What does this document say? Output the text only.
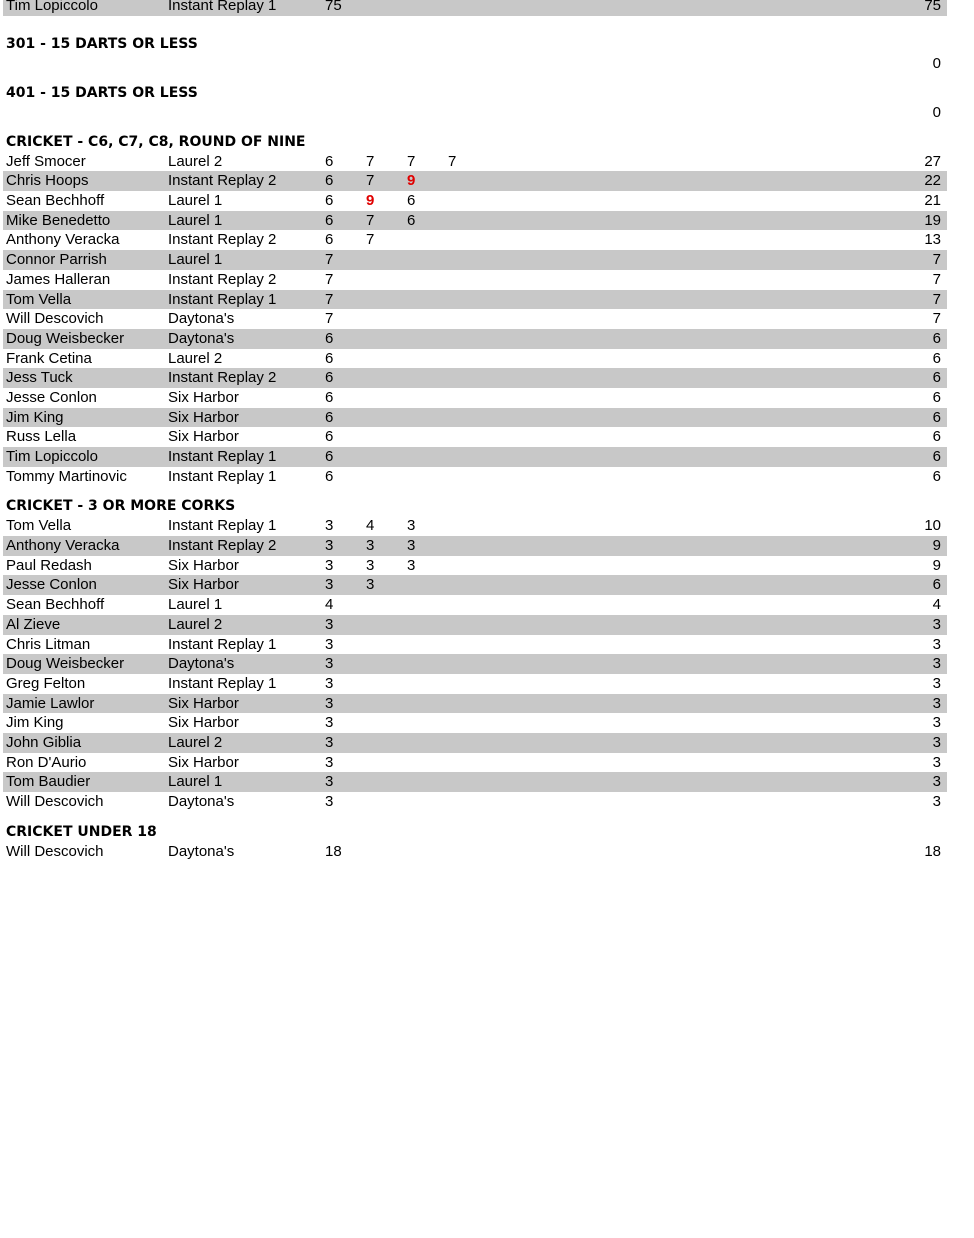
Tim Lopiccolo	Instant Replay 1	75	75
301 - 15 DARTS OR LESS
0
401 - 15 DARTS OR LESS
0
CRICKET - C6, C7, C8, ROUND OF NINE
Jeff Smocer	Laurel 2	6 7 7 7	27
Chris Hoops	Instant Replay 2	6 7 9	22
Sean Bechhoff	Laurel 1	6 9 6	21
Mike Benedetto	Laurel 1	6 7 6	19
Anthony Veracka	Instant Replay 2	6 7	13
Connor Parrish	Laurel 1	7	7
James Halleran	Instant Replay 2	7	7
Tom Vella	Instant Replay 1	7	7
Will Descovich	Daytona's	7	7
Doug Weisbecker	Daytona's	6	6
Frank Cetina	Laurel 2	6	6
Jess Tuck	Instant Replay 2	6	6
Jesse Conlon	Six Harbor	6	6
Jim King	Six Harbor	6	6
Russ Lella	Six Harbor	6	6
Tim Lopiccolo	Instant Replay 1	6	6
Tommy Martinovic	Instant Replay 1	6	6
CRICKET - 3 OR MORE CORKS
Tom Vella	Instant Replay 1	3 4 3	10
Anthony Veracka	Instant Replay 2	3 3 3	9
Paul Redash	Six Harbor	3 3 3	9
Jesse Conlon	Six Harbor	3 3	6
Sean Bechhoff	Laurel 1	4	4
Al Zieve	Laurel 2	3	3
Chris Litman	Instant Replay 1	3	3
Doug Weisbecker	Daytona's	3	3
Greg Felton	Instant Replay 1	3	3
Jamie Lawlor	Six Harbor	3	3
Jim King	Six Harbor	3	3
John Giblia	Laurel 2	3	3
Ron D'Aurio	Six Harbor	3	3
Tom Baudier	Laurel 1	3	3
Will Descovich	Daytona's	3	3
CRICKET UNDER 18
Will Descovich	Daytona's	18	18
